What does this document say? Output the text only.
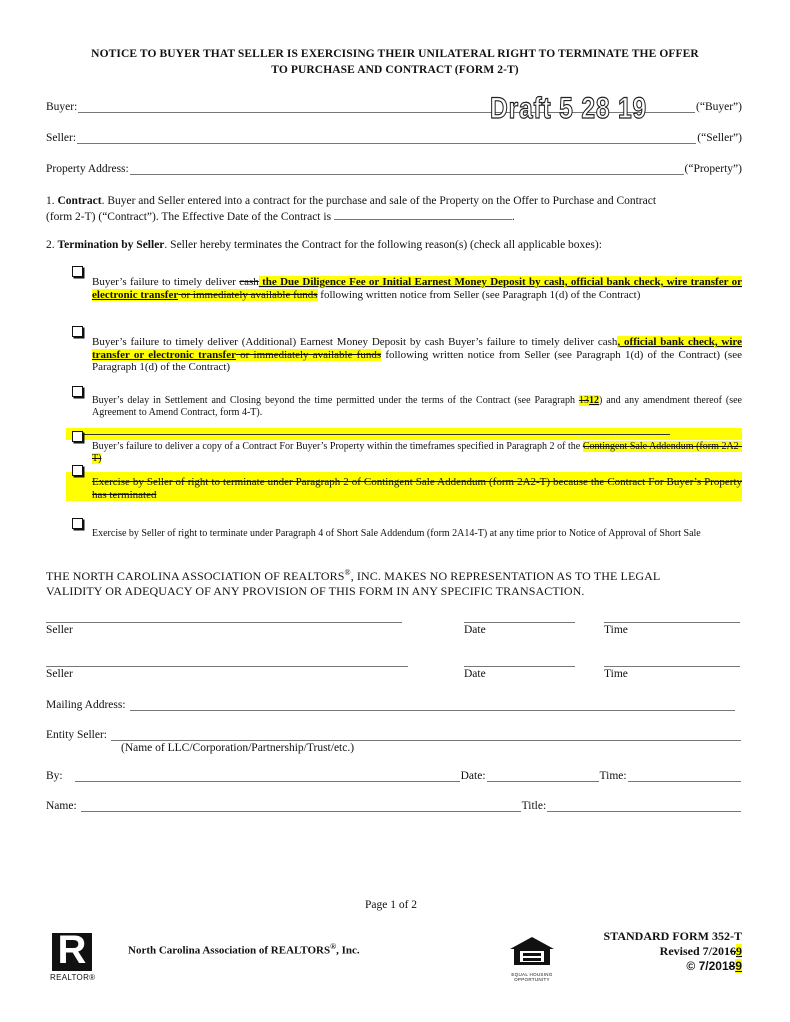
NOTICE TO BUYER THAT SELLER IS EXERCISING THEIR UNILATERAL RIGHT TO TERMINATE THE OFFER
TO PURCHASE AND CONTRACT (FORM 2-T)
Buyer:	(“Buyer”)
Draft 5 28 19
Seller:	(“Seller”)
Property Address:	(“Property”)
1. Contract. Buyer and Seller entered into a contract for the purchase and sale of the Property on the Offer to Purchase and Contract
(form 2-T) (“Contract”). The Effective Date of the Contract is	.
2. Termination by Seller. Seller hereby terminates the Contract for the following reason(s) (check all applicable boxes):
Buyer’s failure to timely deliver cash the Due Diligence Fee or Initial Earnest Money Deposit by cash, official bank check, wire transfer or electronic transfer or immediately available funds following written notice from Seller (see Paragraph 1(d) of the Contract)
Buyer’s failure to timely deliver (Additional) Earnest Money Deposit by cash Buyer’s failure to timely deliver cash, official bank check, wire transfer or electronic transfer or immediately available funds following written notice from Seller (see Paragraph 1(d) of the Contract) (see Paragraph 1(d) of the Contract)
Buyer’s delay in Settlement and Closing beyond the time permitted under the terms of the Contract (see Paragraph 1312) and any amendment thereof (see Agreement to Amend Contract, form 4-T).
Buyer’s failure to deliver a copy of a Contract For Buyer’s Property within the timeframes specified in Paragraph 2 of the Contingent Sale Addendum (form 2A2-T)
Exercise by Seller of right to terminate under Paragraph 2 of Contingent Sale Addendum (form 2A2-T) because the Contract For Buyer’s Property has terminated
Exercise by Seller of right to terminate under Paragraph 4 of Short Sale Addendum (form 2A14-T) at any time prior to Notice of Approval of Short Sale
THE NORTH CAROLINA ASSOCIATION OF REALTORS®, INC. MAKES NO REPRESENTATION AS TO THE LEGAL
VALIDITY OR ADEQUACY OF ANY PROVISION OF THIS FORM IN ANY SPECIFIC TRANSACTION.
Seller	Date	Time
Seller	Date	Time
Mailing Address:
Entity Seller:
(Name of LLC/Corporation/Partnership/Trust/etc.)
By:	Date:	Time:
Name:	Title:
Page 1 of 2
R
REALTOR®
North Carolina Association of REALTORS®, Inc.
EQUAL HOUSING
OPPORTUNITY
STANDARD FORM 352-T
Revised 7/20169
© 7/20189
